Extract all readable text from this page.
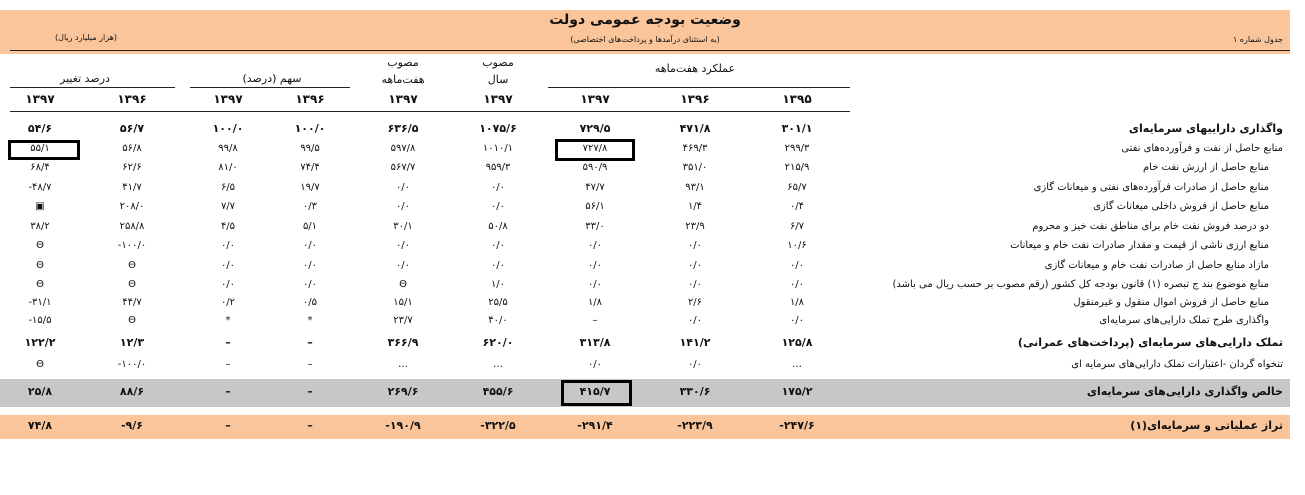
وضعیت بودجه عمومی دولت
(به استثنای درآمدها و پرداخت‌های اختصاصی)	جدول شماره ۱
(هزار میلیارد ریال)
عملکرد هفت‌ماهه
مصوب
سال
مصوب
هفت‌ماهه
سهم (درصد)
درصد تغییر
۱۳۹۵
۱۳۹۶
۱۳۹۷
۱۳۹۷
۱۳۹۷
۱۳۹۶
۱۳۹۷
۱۳۹۶
۱۳۹۷
واگذاری داراییهای سرمایه‌ای
۳۰۱/۱
۴۷۱/۸
۷۲۹/۵
۱۰۷۵/۶
۶۳۶/۵
۱۰۰/۰
۱۰۰/۰
۵۶/۷
۵۴/۶
منابع حاصل از نفت و فرآورده‌های نفتی
۲۹۹/۳
۴۶۹/۳
۷۲۷/۸
۱۰۱۰/۱
۵۹۷/۸
۹۹/۵
۹۹/۸
۵۶/۸
۵۵/۱
منابع حاصل از ارزش نفت خام
۲۱۵/۹
۳۵۱/۰
۵۹۰/۹
۹۵۹/۳
۵۶۷/۷
۷۴/۴
۸۱/۰
۶۲/۶
۶۸/۴
منابع حاصل از صادرات فرآورده‌های نفتی و میعانات گازی
۶۵/۷
۹۳/۱
۴۷/۷
۰/۰
۰/۰
۱۹/۷
۶/۵
۴۱/۷
-۴۸/۷
منابع حاصل از فروش داخلی میعانات گازی
۰/۴
۱/۴
۵۶/۱
۰/۰
۰/۰
۰/۳
۷/۷
۲۰۸/۰
▣
دو درصد فروش نفت خام برای مناطق نفت خیز و محروم
۶/۷
۲۳/۹
۳۳/۰
۵۰/۸
۳۰/۱
۵/۱
۴/۵
۲۵۸/۸
۳۸/۲
منابع ارزی ناشی از قیمت و مقدار صادرات نفت خام و میعانات
۱۰/۶
۰/۰
۰/۰
۰/۰
۰/۰
۰/۰
۰/۰
-۱۰۰/۰
Θ
مازاد منابع حاصل از صادرات نفت خام و میعانات گازی
۰/۰
۰/۰
۰/۰
۰/۰
۰/۰
۰/۰
۰/۰
Θ
Θ
منابع موضوع بند ج تبصره (۱) قانون بودجه کل کشور (رقم مصوب بر حسب ریال می باشد)
۰/۰
۰/۰
۰/۰
۱/۰
Θ
۰/۰
۰/۰
Θ
Θ
منابع حاصل از فروش اموال منقول و غیرمنقول
۱/۸
۲/۶
۱/۸
۲۵/۵
۱۵/۱
۰/۵
۰/۲
۴۴/۷
-۳۱/۱
واگذاری طرح تملک دارایی‌های سرمایه‌ای
۰/۰
۰/۰
–
۴۰/۰
۲۳/۷
*
*
Θ
-۱۵/۵
تملک دارایی‌های سرمایه‌ای (پرداخت‌های عمرانی)
۱۲۵/۸
۱۴۱/۲
۳۱۳/۸
۶۲۰/۰
۳۶۶/۹
–
–
۱۲/۳
۱۲۲/۲
تنخواه گردان -اعتبارات تملک دارایی‌های سرمایه ای
…
۰/۰
۰/۰
…
…
–
–
-۱۰۰/۰
Θ
خالص واگذاری دارایی‌های سرمایه‌ای
۱۷۵/۲
۳۳۰/۶
۴۱۵/۷
۴۵۵/۶
۲۶۹/۶
–
–
۸۸/۶
۲۵/۸
تراز عملیاتی و سرمایه‌ای(۱)
-۲۴۷/۶
-۲۲۳/۹
-۲۹۱/۴
-۳۲۲/۵
-۱۹۰/۹
–
–
-۹/۶
۷۴/۸
